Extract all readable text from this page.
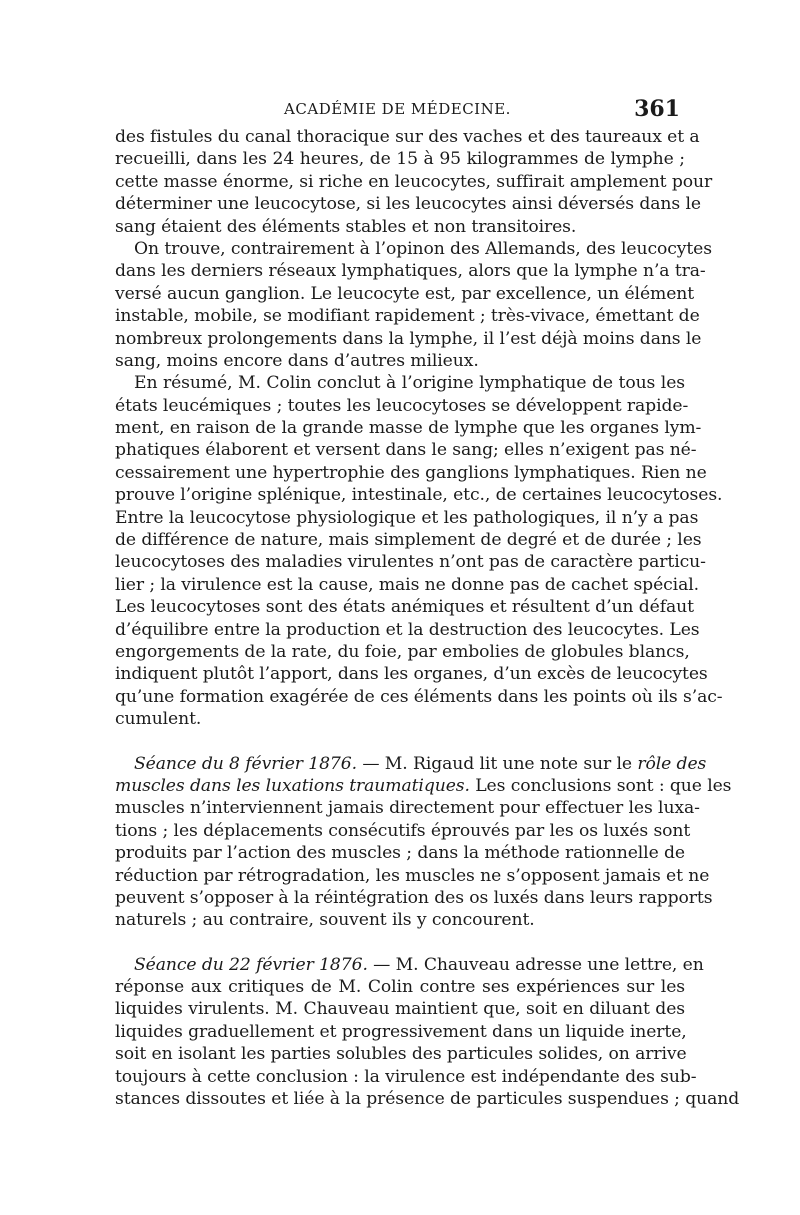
ACADÉMIE DE MÉDECINE.	361
des fistules du canal thoracique sur des vaches et des taureaux et a
recueilli, dans les 24 heures, de 15 à 95 kilogrammes de lymphe ;
cette masse énorme, si riche en leucocytes, suffirait amplement pour
déterminer une leucocytose, si les leucocytes ainsi déversés dans le
sang étaient des éléments stables et non transitoires.
On trouve, contrairement à l’opinon des Allemands, des leucocytes
dans les derniers réseaux lymphatiques, alors que la lymphe n’a tra-
versé aucun ganglion. Le leucocyte est, par excellence, un élément
instable, mobile, se modifiant rapidement ; très-vivace, émettant de
nombreux prolongements dans la lymphe, il l’est déjà moins dans le
sang, moins encore dans d’autres milieux.
En résumé, M. Colin conclut à l’origine lymphatique de tous les
états leucémiques ; toutes les leucocytoses se développent rapide-
ment, en raison de la grande masse de lymphe que les organes lym-
phatiques élaborent et versent dans le sang; elles n’exigent pas né-
cessairement une hypertrophie des ganglions lymphatiques. Rien ne
prouve l’origine splénique, intestinale, etc., de certaines leucocytoses.
Entre la leucocytose physiologique et les pathologiques, il n’y a pas
de différence de nature, mais simplement de degré et de durée ; les
leucocytoses des maladies virulentes n’ont pas de caractère particu-
lier ; la virulence est la cause, mais ne donne pas de cachet spécial.
Les leucocytoses sont des états anémiques et résultent d’un défaut
d’équilibre entre la production et la destruction des leucocytes. Les
engorgements de la rate, du foie, par embolies de globules blancs,
indiquent plutôt l’apport, dans les organes, d’un excès de leucocytes
qu’une formation exagérée de ces éléments dans les points où ils s’ac-
cumulent.
Séance du 8 février 1876. — M. Rigaud lit une note sur le rôle des
muscles dans les luxations traumatiques. Les conclusions sont : que les
muscles n’interviennent jamais directement pour effectuer les luxa-
tions ; les déplacements consécutifs éprouvés par les os luxés sont
produits par l’action des muscles ; dans la méthode rationnelle de
réduction par rétrogradation, les muscles ne s’opposent jamais et ne
peuvent s’opposer à la réintégration des os luxés dans leurs rapports
naturels ; au contraire, souvent ils y concourent.
Séance du 22 février 1876. — M. Chauveau adresse une lettre, en
réponse aux critiques de M. Colin contre ses expériences sur les
liquides virulents. M. Chauveau maintient que, soit en diluant des
liquides graduellement et progressivement dans un liquide inerte,
soit en isolant les parties solubles des particules solides, on arrive
toujours à cette conclusion : la virulence est indépendante des sub-
stances dissoutes et liée à la présence de particules suspendues ; quand
